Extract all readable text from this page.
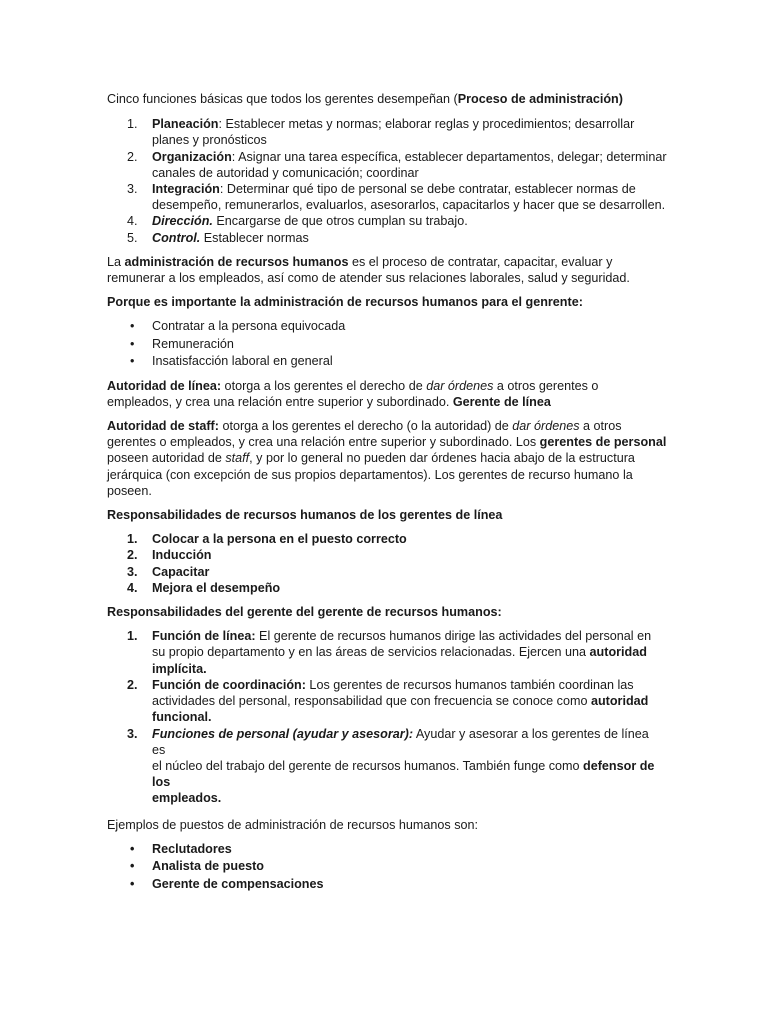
Cinco funciones básicas que todos los gerentes desempeñan (Proceso de administración)

1.	Planeación: Establecer metas y normas; elaborar reglas y procedimientos; desarrollar planes y pronósticos
2.	Organización: Asignar una tarea específica, establecer departamentos, delegar; determinar canales de autoridad y comunicación; coordinar
3.	Integración: Determinar qué tipo de personal se debe contratar, establecer normas de desempeño, remunerarlos, evaluarlos, asesorarlos, capacitarlos y hacer que se desarrollen.
4.	Dirección. Encargarse de que otros cumplan su trabajo.
5.	Control. Establecer normas

La administración de recursos humanos es el proceso de contratar, capacitar, evaluar y remunerar a los empleados, así como de atender sus relaciones laborales, salud y seguridad.

Porque es importante la administración de recursos humanos para el genrente:

• Contratar a la persona equivocada
• Remuneración
• Insatisfacción laboral en general

Autoridad de línea: otorga a los gerentes el derecho de dar órdenes a otros gerentes o empleados, y crea una relación entre superior y subordinado. Gerente de línea

Autoridad de staff: otorga a los gerentes el derecho (o la autoridad) de dar órdenes a otros gerentes o empleados, y crea una relación entre superior y subordinado. Los gerentes de personal poseen autoridad de staff, y por lo general no pueden dar órdenes hacia abajo de la estructura jerárquica (con excepción de sus propios departamentos). Los gerentes de recurso humano la poseen.

Responsabilidades de recursos humanos de los gerentes de línea

1.	Colocar a la persona en el puesto correcto
2.	Inducción
3.	Capacitar
4.	Mejora el desempeño

Responsabilidades del gerente del gerente de recursos humanos:

1.	Función de línea: El gerente de recursos humanos dirige las actividades del personal en su propio departamento y en las áreas de servicios relacionadas. Ejercen una autoridad implícita.
2.	Función de coordinación: Los gerentes de recursos humanos también coordinan las actividades del personal, responsabilidad que con frecuencia se conoce como autoridad funcional.
3.	Funciones de personal (ayudar y asesorar): Ayudar y asesorar a los gerentes de línea
es
el núcleo del trabajo del gerente de recursos humanos. También funge como defensor de
los
empleados.

Ejemplos de puestos de administración de recursos humanos son:

• Reclutadores
• Analista de puesto
• Gerente de compensaciones
